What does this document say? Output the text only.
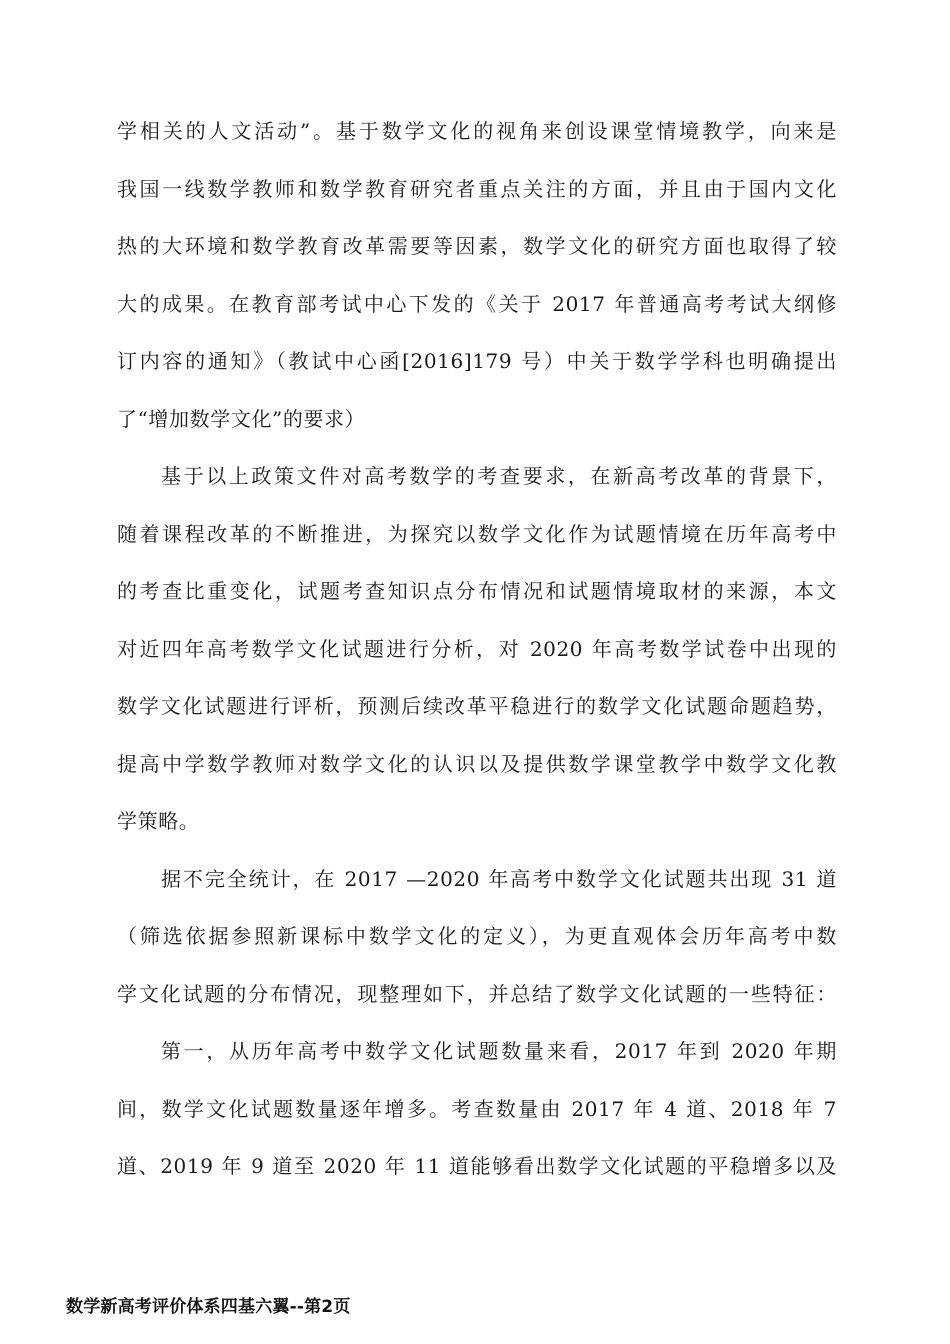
学相关的人文活动”。基于数学文化的视角来创设课堂情境教学，向来是
我国一线数学教师和数学教育研究者重点关注的方面，并且由于国内文化
热的大环境和数学教育改革需要等因素，数学文化的研究方面也取得了较
大的成果。在教育部考试中心下发的《关于 2017 年普通高考考试大纲修
订内容的通知》（教试中心函[2016]179 号）中关于数学学科也明确提出
了“增加数学文化”的要求）
基于以上政策文件对高考数学的考查要求，在新高考改革的背景下，
随着课程改革的不断推进，为探究以数学文化作为试题情境在历年高考中
的考查比重变化，试题考查知识点分布情况和试题情境取材的来源，本文
对近四年高考数学文化试题进行分析，对 2020 年高考数学试卷中出现的
数学文化试题进行评析，预测后续改革平稳进行的数学文化试题命题趋势，
提高中学数学教师对数学文化的认识以及提供数学课堂教学中数学文化教
学策略。
据不完全统计，在 2017 —2020 年高考中数学文化试题共出现 31 道
（筛选依据参照新课标中数学文化的定义），为更直观体会历年高考中数
学文化试题的分布情况，现整理如下，并总结了数学文化试题的一些特征：
第一，从历年高考中数学文化试题数量来看，2017 年到 2020 年期
间，数学文化试题数量逐年增多。考查数量由 2017 年 4 道、2018 年 7
道、2019 年 9 道至 2020 年 11 道能够看出数学文化试题的平稳增多以及
数学新高考评价体系四基六翼--第2页
